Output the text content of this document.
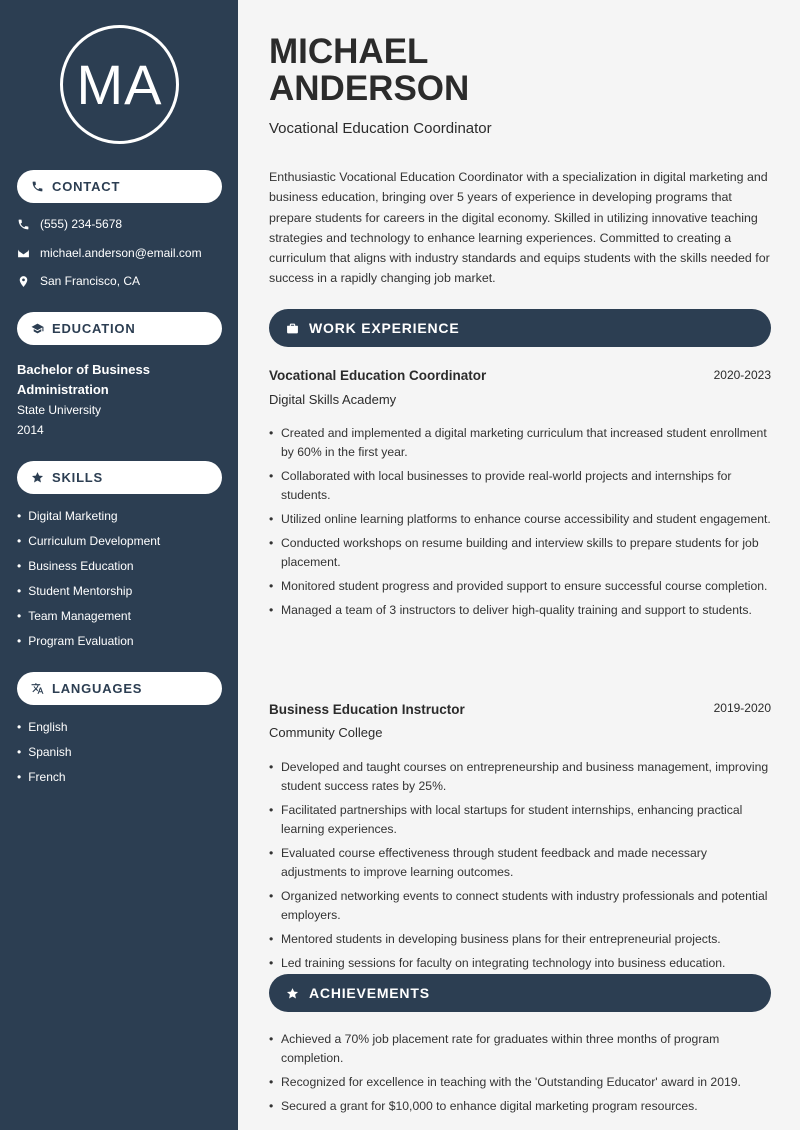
MA
CONTACT
(555) 234-5678
michael.anderson@email.com
San Francisco, CA
EDUCATION
Bachelor of Business Administration
State University
2014
SKILLS
• Digital Marketing
• Curriculum Development
• Business Education
• Student Mentorship
• Team Management
• Program Evaluation
LANGUAGES
• English
• Spanish
• French
MICHAEL
ANDERSON
Vocational Education Coordinator
Enthusiastic Vocational Education Coordinator with a specialization in digital marketing and business education, bringing over 5 years of experience in developing programs that prepare students for careers in the digital economy. Skilled in utilizing innovative teaching strategies and technology to enhance learning experiences. Committed to creating a curriculum that aligns with industry standards and equips students with the skills needed for success in a rapidly changing job market.
WORK EXPERIENCE
Vocational Education Coordinator	2020-2023
Digital Skills Academy
• Created and implemented a digital marketing curriculum that increased student enrollment by 60% in the first year.
• Collaborated with local businesses to provide real-world projects and internships for students.
• Utilized online learning platforms to enhance course accessibility and student engagement.
• Conducted workshops on resume building and interview skills to prepare students for job placement.
• Monitored student progress and provided support to ensure successful course completion.
• Managed a team of 3 instructors to deliver high-quality training and support to students.
Business Education Instructor	2019-2020
Community College
• Developed and taught courses on entrepreneurship and business management, improving student success rates by 25%.
• Facilitated partnerships with local startups for student internships, enhancing practical learning experiences.
• Evaluated course effectiveness through student feedback and made necessary adjustments to improve learning outcomes.
• Organized networking events to connect students with industry professionals and potential employers.
• Mentored students in developing business plans for their entrepreneurial projects.
• Led training sessions for faculty on integrating technology into business education.
ACHIEVEMENTS
• Achieved a 70% job placement rate for graduates within three months of program completion.
• Recognized for excellence in teaching with the 'Outstanding Educator' award in 2019.
• Secured a grant for $10,000 to enhance digital marketing program resources.
